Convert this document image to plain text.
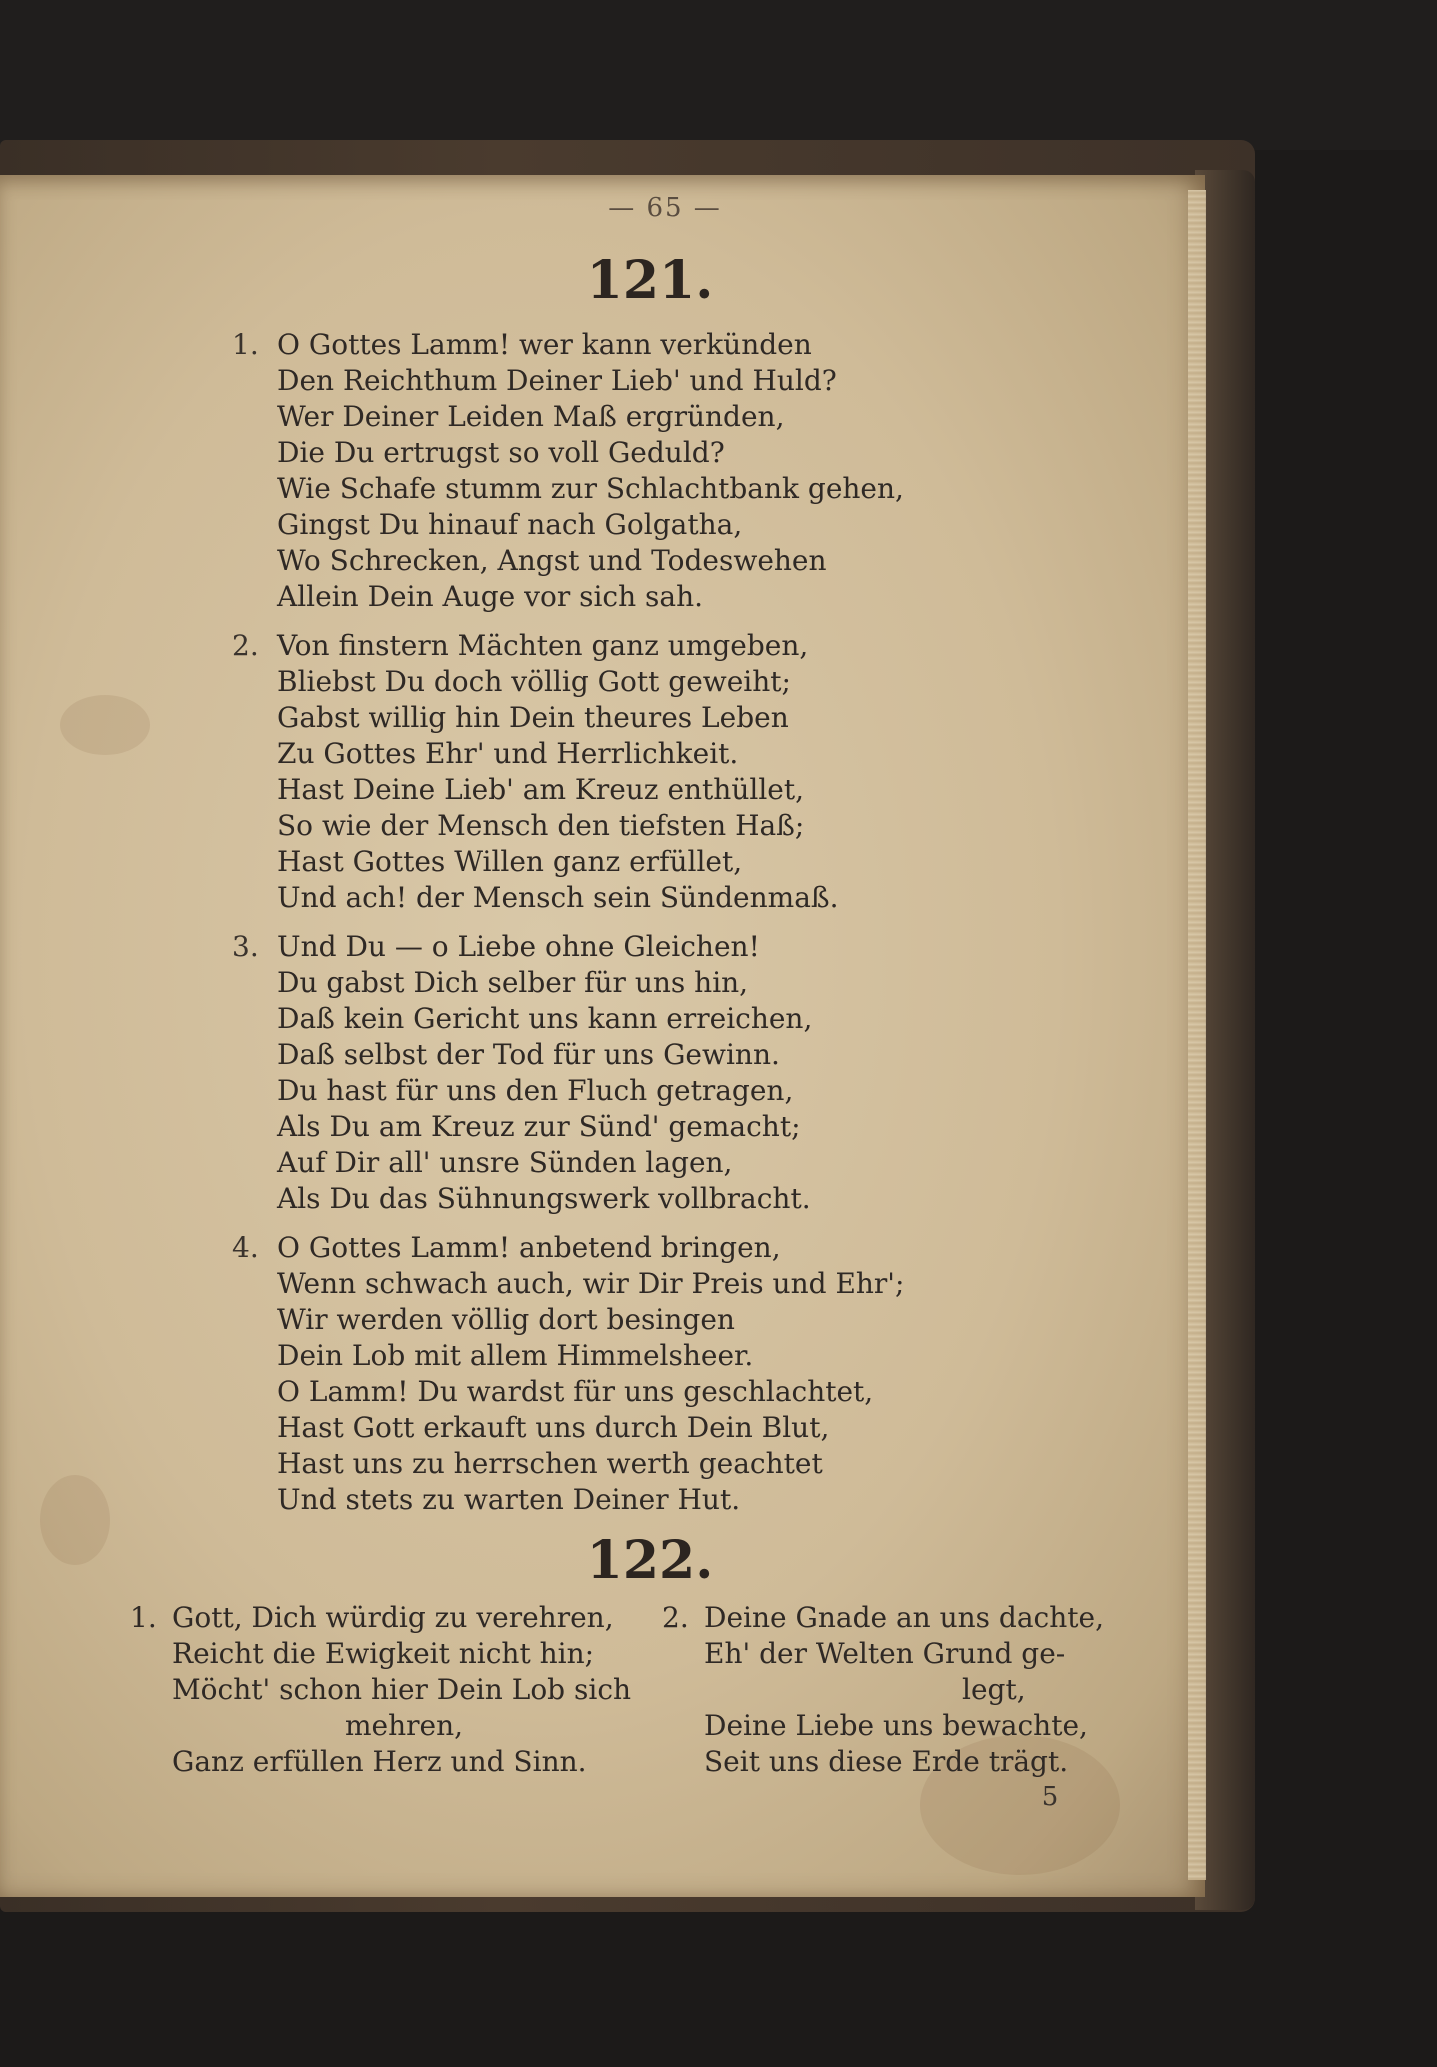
— 65 —
121.
1. O Gottes Lamm! wer kann verkünden
Den Reichthum Deiner Lieb' und Huld?
Wer Deiner Leiden Maß ergründen,
Die Du ertrugst so voll Geduld?
Wie Schafe stumm zur Schlachtbank gehen,
Gingst Du hinauf nach Golgatha,
Wo Schrecken, Angst und Todeswehen
Allein Dein Auge vor sich sah.
2. Von finstern Mächten ganz umgeben,
Bliebst Du doch völlig Gott geweiht;
Gabst willig hin Dein theures Leben
Zu Gottes Ehr' und Herrlichkeit.
Hast Deine Lieb' am Kreuz enthüllet,
So wie der Mensch den tiefsten Haß;
Hast Gottes Willen ganz erfüllet,
Und ach! der Mensch sein Sündenmaß.
3. Und Du — o Liebe ohne Gleichen!
Du gabst Dich selber für uns hin,
Daß kein Gericht uns kann erreichen,
Daß selbst der Tod für uns Gewinn.
Du hast für uns den Fluch getragen,
Als Du am Kreuz zur Sünd' gemacht;
Auf Dir all' unsre Sünden lagen,
Als Du das Sühnungswerk vollbracht.
4. O Gottes Lamm! anbetend bringen,
Wenn schwach auch, wir Dir Preis und Ehr';
Wir werden völlig dort besingen
Dein Lob mit allem Himmelsheer.
O Lamm! Du wardst für uns geschlachtet,
Hast Gott erkauft uns durch Dein Blut,
Hast uns zu herrschen werth geachtet
Und stets zu warten Deiner Hut.
122.
1. Gott, Dich würdig zu verehren,
Reicht die Ewigkeit nicht hin;
Möcht' schon hier Dein Lob sich
mehren,
Ganz erfüllen Herz und Sinn.
2. Deine Gnade an uns dachte,
Eh' der Welten Grund ge-
legt,
Deine Liebe uns bewachte,
Seit uns diese Erde trägt.
5
